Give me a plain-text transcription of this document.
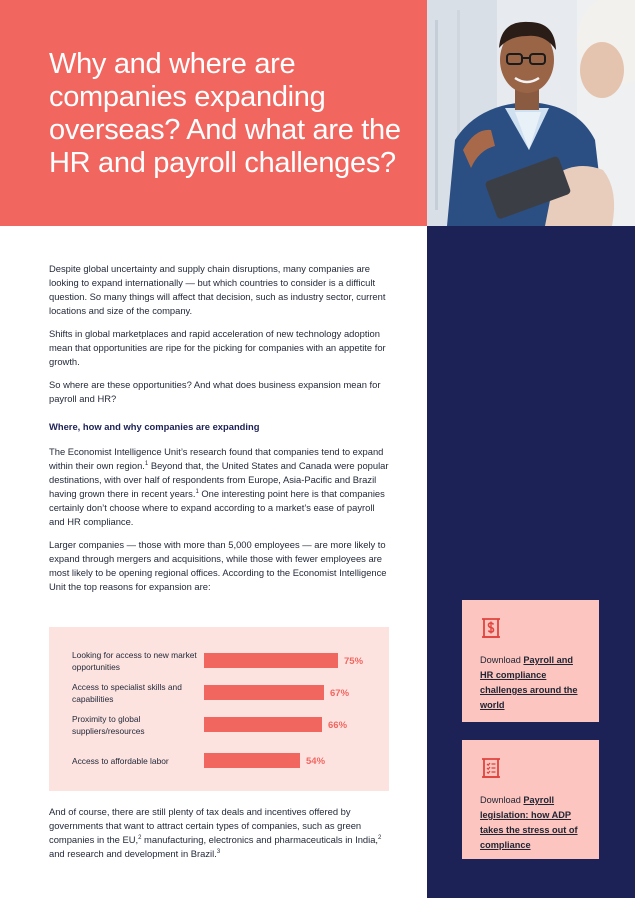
Why and where are companies expanding overseas? And what are the HR and payroll challenges?

Despite global uncertainty and supply chain disruptions, many companies are looking to expand internationally — but which countries to consider is a difficult question. So many things will affect that decision, such as industry sector, current locations and size of the company.

Shifts in global marketplaces and rapid acceleration of new technology adoption mean that opportunities are ripe for the picking for companies with an appetite for growth.

So where are these opportunities? And what does business expansion mean for payroll and HR?

Where, how and why companies are expanding

The Economist Intelligence Unit’s research found that companies tend to expand within their own region.$^1$ Beyond that, the United States and Canada were popular destinations, with over half of respondents from Europe, Asia-Pacific and Brazil having grown there in recent years.$^1$ One interesting point here is that companies certainly don’t choose where to expand according to a market’s ease of payroll and HR compliance.

Larger companies — those with more than 5,000 employees — are more likely to expand through mergers and acquisitions, while those with fewer employees are most likely to be opening regional offices. According to the Economist Intelligence Unit the top reasons for expansion are:

Looking for access to new market opportunities	75%
Access to specialist skills and capabilities	67%
Proximity to global suppliers/resources	66%
Access to affordable labor	54%
And of course, there are still plenty of tax deals and incentives offered by governments that want to attract certain types of companies, such as green companies in the EU,$^2$ manufacturing, electronics and pharmaceuticals in India,$^2$ and research and development in Brazil.$^3$
Download Payroll and HR compliance challenges around the world
Download Payroll legislation: how ADP takes the stress out of compliance
